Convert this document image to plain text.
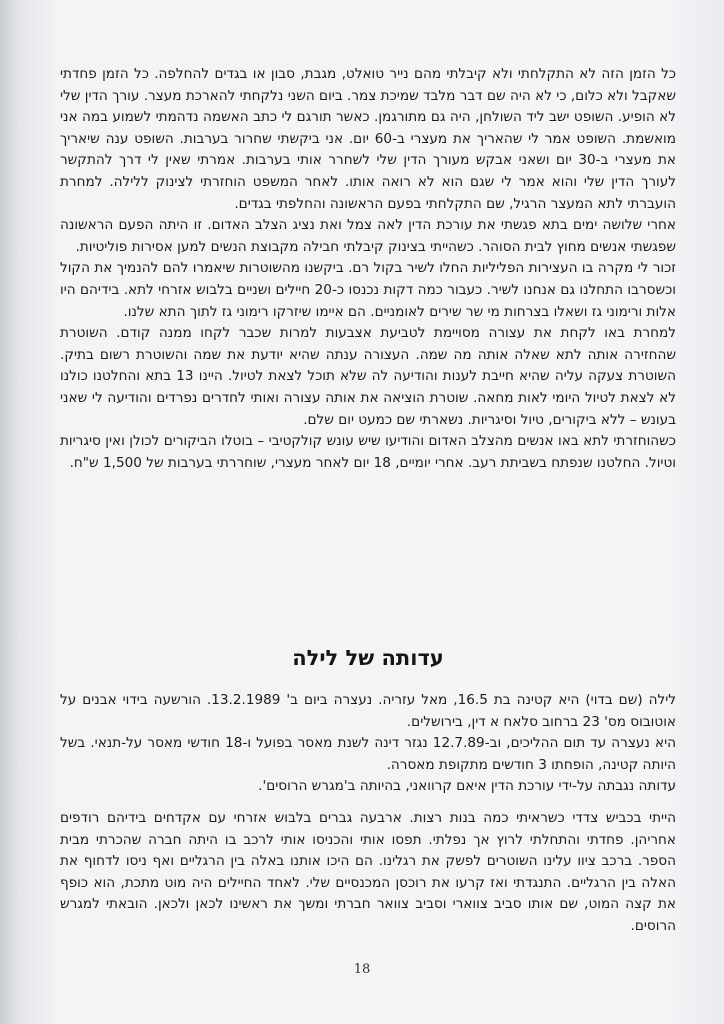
כל הזמן הזה לא התקלחתי ולא קיבלתי מהם נייר טואלט, מגבת, סבון או בגדים להחלפה. כל הזמן פחדתי שאקבל ולא כלום, כי לא היה שם דבר מלבד שמיכת צמר. ביום השני נלקחתי להארכת מעצר. עורך הדין שלי לא הופיע. השופט ישב ליד השולחן, היה גם מתורגמן. כאשר תורגם לי כתב האשמה נדהמתי לשמוע במה אני מואשמת. השופט אמר לי שהאריך את מעצרי ב-60 יום. אני ביקשתי שחרור בערבות. השופט ענה שיאריך את מעצרי ב-30 יום ושאני אבקש מעורך הדין שלי לשחרר אותי בערבות. אמרתי שאין לי דרך להתקשר לעורך הדין שלי והוא אמר לי שגם הוא לא רואה אותו. לאחר המשפט הוחזרתי לצינוק ללילה. למחרת הועברתי לתא המעצר הרגיל, שם התקלחתי בפעם הראשונה והחלפתי בגדים.

אחרי שלושה ימים בתא פגשתי את עורכת הדין לאה צמל ואת נציג הצלב האדום. זו היתה הפעם הראשונה שפגשתי אנשים מחוץ לבית הסוהר. כשהייתי בצינוק קיבלתי חבילה מקבוצת הנשים למען אסירות פוליטיות.

זכור לי מקרה בו העצירות הפליליות החלו לשיר בקול רם. ביקשנו מהשוטרות שיאמרו להם להנמיך את הקול וכשסרבו התחלנו גם אנחנו לשיר. כעבור כמה דקות נכנסו כ-20 חיילים ושניים בלבוש אזרחי לתא. בידיהם היו אלות ורימוני גז ושאלו בצרחות מי שר שירים לאומניים. הם איימו שיזרקו רימוני גז לתוך התא שלנו.

למחרת באו לקחת את עצורה מסויימת לטביעת אצבעות למרות שכבר לקחו ממנה קודם. השוטרת שהחזירה אותה לתא שאלה אותה מה שמה. העצורה ענתה שהיא יודעת את שמה והשוטרת רשום בתיק. השוטרת צעקה עליה שהיא חייבת לענות והודיעה לה שלא תוכל לצאת לטיול. היינו 13 בתא והחלטנו כולנו לא לצאת לטיול היומי לאות מחאה. שוטרת הוציאה את אותה עצורה ואותי לחדרים נפרדים והודיעה לי שאני בעונש – ללא ביקורים, טיול וסיגריות. נשארתי שם כמעט יום שלם.

כשהוחזרתי לתא באו אנשים מהצלב האדום והודיעו שיש עונש קולקטיבי – בוטלו הביקורים לכולן ואין סיגריות וטיול. החלטנו שנפתח בשביתת רעב. אחרי יומיים, 18 יום לאחר מעצרי, שוחררתי בערבות של 1,500 ש"ח.

עדותה של לילה

לילה (שם בדוי) היא קטינה בת 16.5, מאל עזריה. נעצרה ביום ב' 13.2.1989. הורשעה בידוי אבנים על אוטובוס מס' 23 ברחוב סלאח א דין, בירושלים.

היא נעצרה עד תום ההליכים, וב-12.7.89 נגזר דינה לשנת מאסר בפועל ו-18 חודשי מאסר על-תנאי. בשל היותה קטינה, הופחתו 3 חודשים מתקופת מאסרה.

עדותה נגבתה על-ידי עורכת הדין איאם קרוואני, בהיותה ב'מגרש הרוסים'.

הייתי בכביש צדדי כשראיתי כמה בנות רצות. ארבעה גברים בלבוש אזרחי עם אקדחים בידיהם רודפים אחריהן. פחדתי והתחלתי לרוץ אך נפלתי. תפסו אותי והכניסו אותי לרכב בו היתה חברה שהכרתי מבית הספר. ברכב ציוו עלינו השוטרים לפשק את רגלינו. הם היכו אותנו באלה בין הרגליים ואף ניסו לדחוף את האלה בין הרגליים. התנגדתי ואז קרעו את רוכסן המכנסיים שלי. לאחד החיילים היה מוט מתכת, הוא כופף את קצה המוט, שם אותו סביב צווארי וסביב צוואר חברתי ומשך את ראשינו לכאן ולכאן. הובאתי למגרש הרוסים.

18
